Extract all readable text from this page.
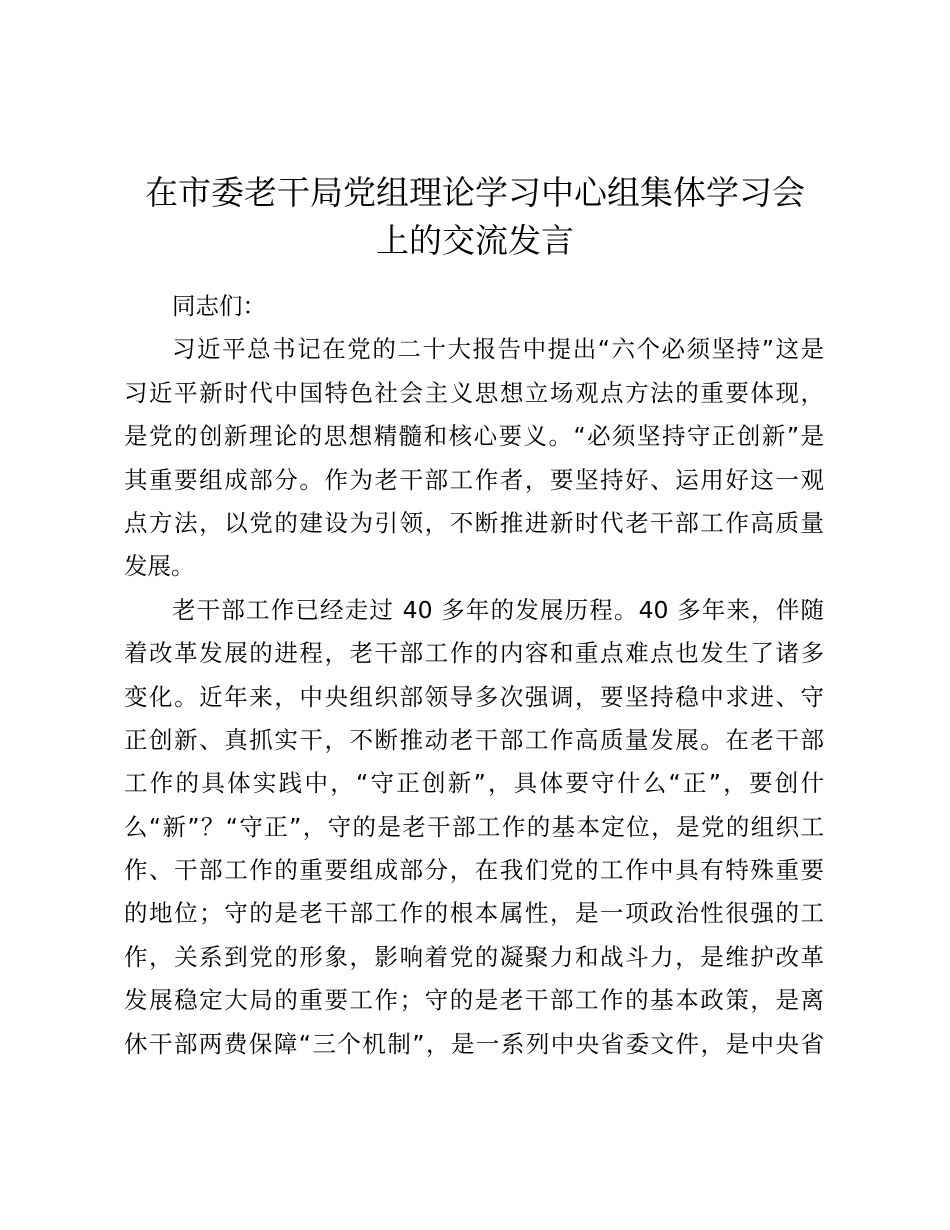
在市委老干局党组理论学习中心组集体学习会
上的交流发言
同志们：
习近平总书记在党的二十大报告中提出“六个必须坚持”这是
习近平新时代中国特色社会主义思想立场观点方法的重要体现，
是党的创新理论的思想精髓和核心要义。“必须坚持守正创新”是
其重要组成部分。作为老干部工作者，要坚持好、运用好这一观
点方法，以党的建设为引领，不断推进新时代老干部工作高质量
发展。
老干部工作已经走过 40 多年的发展历程。40 多年来，伴随
着改革发展的进程，老干部工作的内容和重点难点也发生了诸多
变化。近年来，中央组织部领导多次强调，要坚持稳中求进、守
正创新、真抓实干，不断推动老干部工作高质量发展。在老干部
工作的具体实践中，“守正创新”，具体要守什么“正”，要创什
么“新”？“守正”，守的是老干部工作的基本定位，是党的组织工
作、干部工作的重要组成部分，在我们党的工作中具有特殊重要
的地位；守的是老干部工作的根本属性，是一项政治性很强的工
作，关系到党的形象，影响着党的凝聚力和战斗力，是维护改革
发展稳定大局的重要工作；守的是老干部工作的基本政策，是离
休干部两费保障“三个机制”，是一系列中央省委文件，是中央省
